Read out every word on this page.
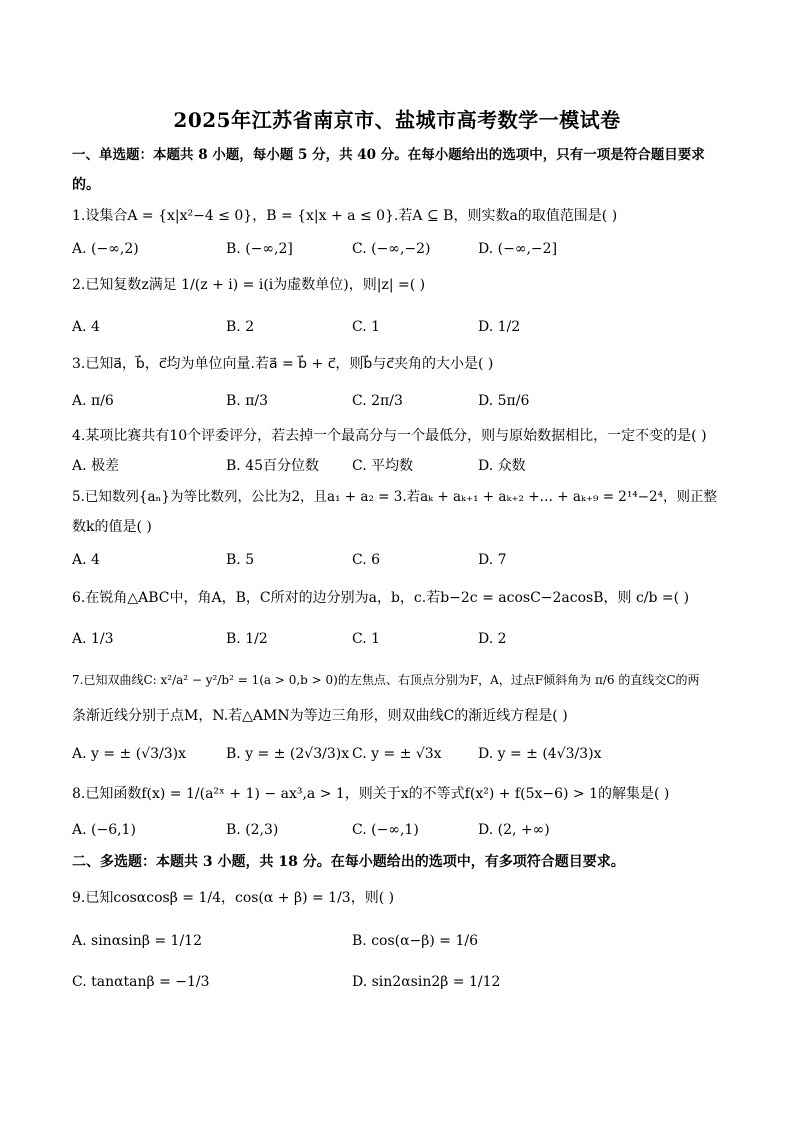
2025年江苏省南京市、盐城市高考数学一模试卷
一、单选题：本题共 8 小题，每小题 5 分，共 40 分。在每小题给出的选项中，只有一项是符合题目要求
的。
1.设集合A = {x|x²−4 ≤ 0}，B = {x|x + a ≤ 0}.若A ⊆ B，则实数a的取值范围是( )
A. (−∞,2)	B. (−∞,2]	C. (−∞,−2)	D. (−∞,−2]
2.已知复数z满足 1/(z + i) = i(i为虚数单位)，则|z| =( )
A. 4	B. 2	C. 1	D. 1/2
3.已知a⃗，b⃗，c⃗均为单位向量.若a⃗ = b⃗ + c⃗，则b⃗与c⃗夹角的大小是( )
A. π/6	B. π/3	C. 2π/3	D. 5π/6
4.某项比赛共有10个评委评分，若去掉一个最高分与一个最低分，则与原始数据相比，一定不变的是( )
A. 极差	B. 45百分位数 C. 平均数	D. 众数
5.已知数列{aₙ}为等比数列，公比为2，且a₁ + a₂ = 3.若aₖ + aₖ₊₁ + aₖ₊₂ +… + aₖ₊₉ = 2¹⁴−2⁴，则正整
数k的值是( )
A. 4	B. 5	C. 6	D. 7
6.在锐角△ABC中，角A，B，C所对的边分别为a，b，c.若b−2c = acosC−2acosB，则 c/b =( )
A. 1/3	B. 1/2	C. 1	D. 2
7.已知双曲线C: x²/a² − y²/b² = 1(a > 0,b > 0)的左焦点、右顶点分别为F，A，过点F倾斜角为 π/6 的直线交C的两
条渐近线分别于点M，N.若△AMN为等边三角形，则双曲线C的渐近线方程是( )
A. y = ± (√3/3)x	B. y = ± (2√3/3)x C. y = ± √3x	D. y = ± (4√3/3)x
8.已知函数f(x) = 1/(a²ˣ + 1) − ax³,a > 1，则关于x的不等式f(x²) + f(5x−6) > 1的解集是( )
A. (−6,1)	B. (2,3)	C. (−∞,1)	D. (2, +∞)
二、多选题：本题共 3 小题，共 18 分。在每小题给出的选项中，有多项符合题目要求。
9.已知cosαcosβ = 1/4，cos(α + β) = 1/3，则( )
A. sinαsinβ = 1/12	B. cos(α−β) = 1/6
C. tanαtanβ = −1/3	D. sin2αsin2β = 1/12
